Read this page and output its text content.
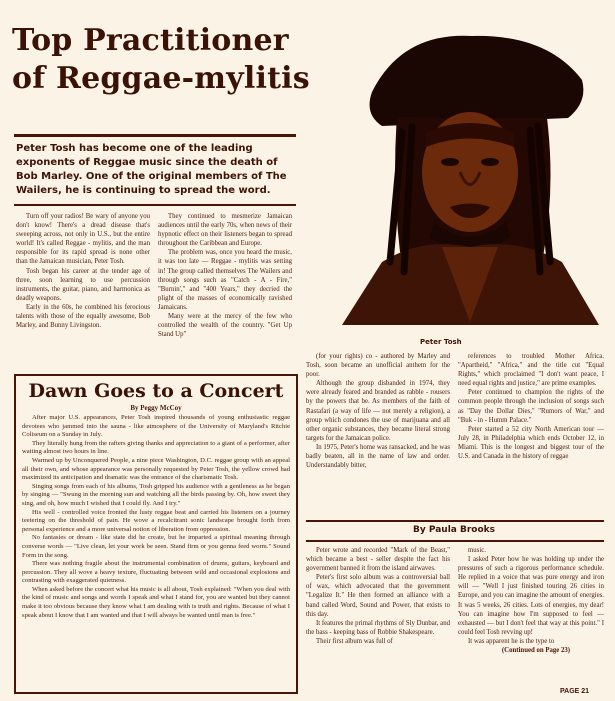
Top Practitioner
of Reggae-mylitis
Peter Tosh has become one of the leading exponents of Reggae music since the death of Bob Marley. One of the original members of The Wailers, he is continuing to spread the word.
Peter Tosh

Turn off your radios! Be wary of anyone you don't know! There's a dread disease that's sweeping across, not only in U.S., but the entire world! It's called Reggae - mylitis, and the man responsible for its rapid spread is none other than the Jamaican musician, Peter Tosh.

Tosh began his career at the tender age of three, soon learning to use percussion instruments, the guitar, piano, and harmonica as deadly weapons.

Early in the 60s, he combined his ferocious talents with those of the equally awesome, Bob Marley, and Bunny Livingston.

They continued to mesmerize Jamaican audiences until the early 70s, when news of their hypnotic effect on their listeners began to spread throughout the Caribbean and Europe.

The problem was, once you heard the music, it was too late — Reggae - mylitis was setting in! The group called themselves The Wailers and through songs such as "Catch - A - Fire," "Burnin'," and "400 Years," they decried the plight of the masses of economically ravished Jamaicans.

Many were at the mercy of the few who controlled the wealth of the country. "Get Up Stand Up"

(for your rights) co - authored by Marley and Tosh, soon became an unofficial anthem for the poor.

Although the group disbanded in 1974, they were already feared and branded as rabble - rousers by the powers that be. As members of the faith of Rastafari (a way of life — not merely a religion), a group which condones the use of marijuana and all other organic substances, they became literal strong targets for the Jamaican police.

In 1975, Peter's home was ransacked, and he was badly beaten, all in the name of law and order. Understandably bitter,

references to troubled Mother Africa. "Apartheid," "Africa," and the title cut "Equal Rights," which proclaimed "I don't want peace, I need equal rights and justice," are prime examples.

Peter continued to champion the rights of the common people through the inclusion of songs such as "Day the Dollar Dies," "Rumors of War," and "Buk - in - Humm Palace."

Peter started a 52 city North American tour — July 28, in Philadelphia which ends October 12, in Miami. This is the longest and biggest tour of the U.S. and Canada in the history of reggae

Dawn Goes to a Concert
By Peggy McCoy

After major U.S. appearances, Peter Tosh inspired thousands of young enthusiastic reggae devotees who jammed into the sauna - like atmosphere of the University of Maryland's Ritchie Coliseum on a Sunday in July.

They literally hung from the rafters giving thanks and appreciation to a giant of a performer, after waiting almost two hours in line.

Warmed up by Unconquered People, a nine piece Washington, D.C. reggae group with an appeal all their own, and whose appearance was personally requested by Peter Tosh, the yellow crowd had maximized its anticipation and dramatic was the entrance of the charismatic Tosh.

Singing songs from each of his albums, Tosh gripped his audience with a gentleness as he began by singing — "Swung in the morning sun and watching all the birds passing by. Oh, how sweet they sing, and oh, how much I wished that I could fly. And I try."

His well - controlled voice fronted the lusty reggae beat and carried his listeners on a journey teetering on the threshold of pain. He wove a recalcitrant sonic landscape brought forth from personal experience and a more universal notion of liberation from oppression.

No fantasies or dream - like state did he create, but he imparted a spiritual meaning through converse words — "Live clean, let your work be seen. Stand firm or you gonna feed worm." Sound Form in the song.

There was nothing fragile about the instrumental combination of drums, guitars, keyboard and percussion. They all wove a heavy texture, fluctuating between wild and occasional explosions and contrasting with exaggerated quietness.

When asked before the concert what his music is all about, Tosh explained: "When you deal with the kind of music and songs and words I speak and what I stand for, you are wanted but they cannot make it too obvious because they know what I am dealing with is truth and rights. Because of what I speak about I know that I am wanted and that I will always be wanted until man is free."

By Paula Brooks

Peter wrote and recorded "Mark of the Beast," which became a best - seller despite the fact his government banned it from the island airwaves.

Peter's first solo album was a controversial ball of wax, which advocated that the government "Legalize It." He then formed an alliance with a band called Word, Sound and Power, that exists to this day.

It features the primal rhythms of Sly Dunbar, and the bass - keeping bass of Robbie Shakespeare.

Their first album was full of

music.

I asked Peter how he was holding up under the pressures of such a rigorous performance schedule. He replied in a voice that was pure energy and iron will — "Well I just finished touring 26 cities in Europe, and you can imagine the amount of energies. It was 5 weeks, 26 cities. Lots of energies, my dear! You can imagine how I'm supposed to feel — exhausted — but I don't feel that way at this point." I could feel Tosh revving up!

It was apparent he is the type to

(Continued on Page 23)

PAGE 21
